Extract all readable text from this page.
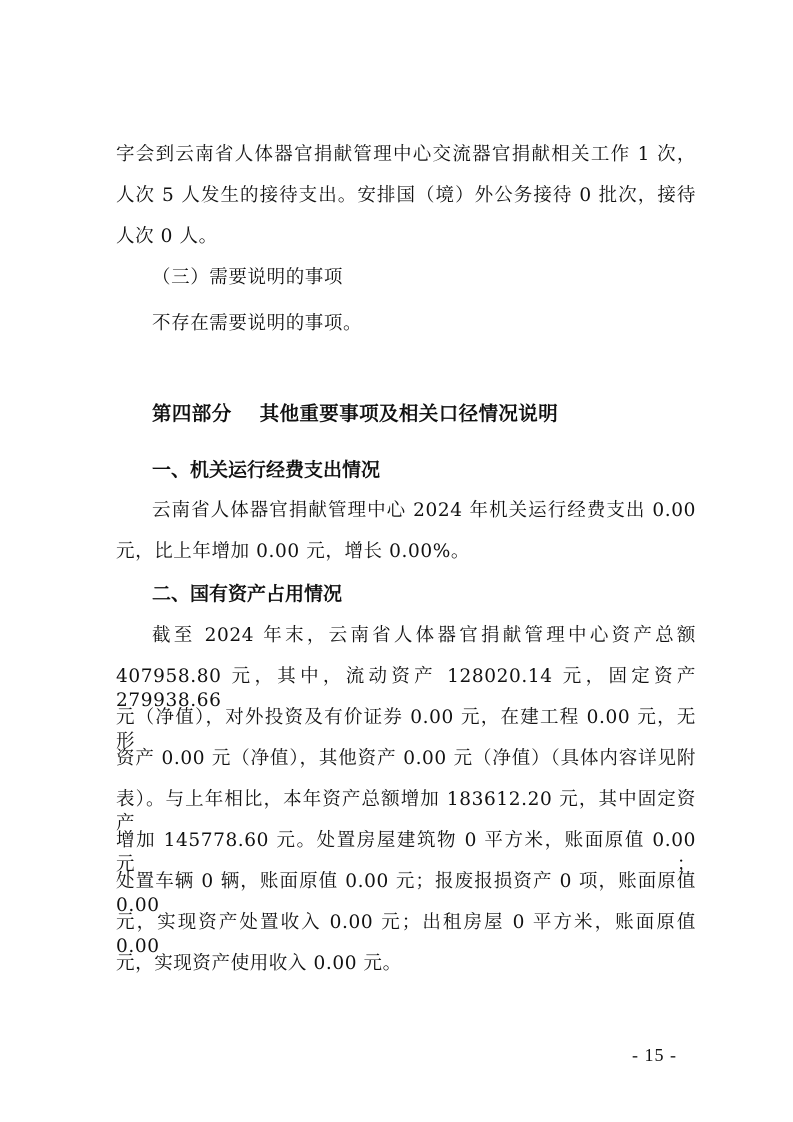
字会到云南省人体器官捐献管理中心交流器官捐献相关工作 1 次，
人次 5 人发生的接待支出。安排国（境）外公务接待 0 批次，接待
人次 0 人。
（三）需要说明的事项
不存在需要说明的事项。
第四部分 其他重要事项及相关口径情况说明
一、机关运行经费支出情况
云南省人体器官捐献管理中心 2024 年机关运行经费支出 0.00
元，比上年增加 0.00 元，增长 0.00%。
二、国有资产占用情况
截至 2024 年末，云南省人体器官捐献管理中心资产总额
407958.80 元，其中，流动资产 128020.14 元，固定资产 279938.66
元（净值），对外投资及有价证券 0.00 元，在建工程 0.00 元，无形
资产 0.00 元（净值），其他资产 0.00 元（净值）（具体内容详见附
表）。与上年相比，本年资产总额增加 183612.20 元，其中固定资产
增加 145778.60 元。处置房屋建筑物 0 平方米，账面原值 0.00 元；
处置车辆 0 辆，账面原值 0.00 元；报废报损资产 0 项，账面原值 0.00
元，实现资产处置收入 0.00 元；出租房屋 0 平方米，账面原值 0.00
元，实现资产使用收入 0.00 元。
- 15 -
